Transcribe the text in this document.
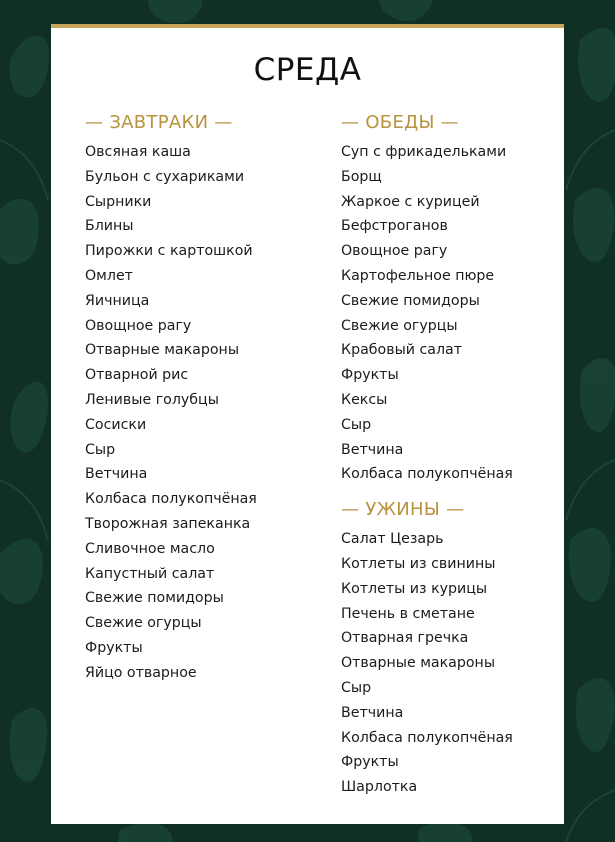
СРЕДА
— ЗАВТРАКИ —
Овсяная каша
Бульон с сухариками
Сырники
Блины
Пирожки с картошкой
Омлет
Яичница
Овощное рагу
Отварные макароны
Отварной рис
Ленивые голубцы
Сосиски
Сыр
Ветчина
Колбаса полукопчёная
Творожная запеканка
Сливочное масло
Капустный салат
Свежие помидоры
Свежие огурцы
Фрукты
Яйцо отварное
— ОБЕДЫ —
Суп с фрикадельками
Борщ
Жаркое с курицей
Бефстроганов
Овощное рагу
Картофельное пюре
Свежие помидоры
Свежие огурцы
Крабовый салат
Фрукты
Кексы
Сыр
Ветчина
Колбаса полукопчёная
— УЖИНЫ —
Салат Цезарь
Котлеты из свинины
Котлеты из курицы
Печень в сметане
Отварная гречка
Отварные макароны
Сыр
Ветчина
Колбаса полукопчёная
Фрукты
Шарлотка
